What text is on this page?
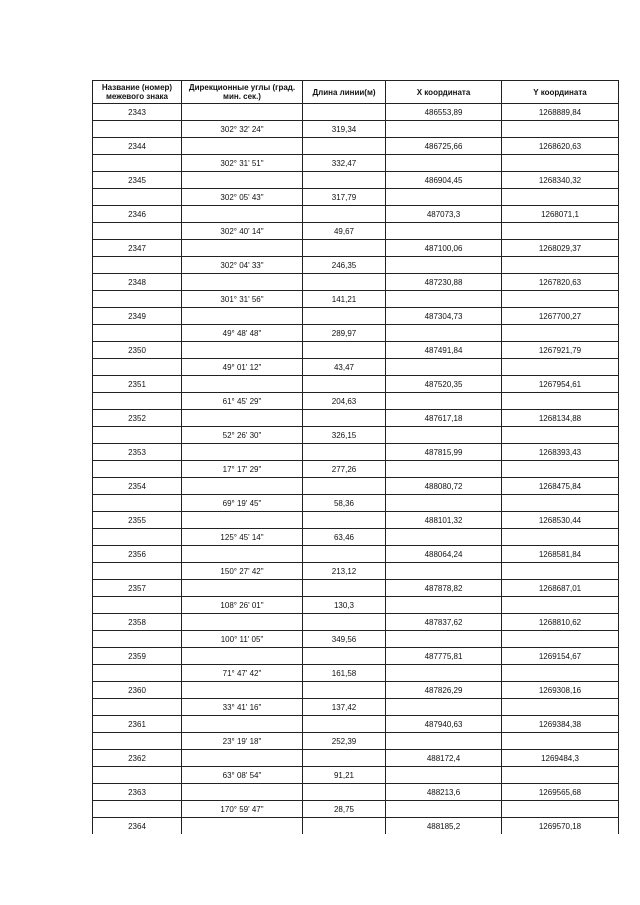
Название (номер) межевого знака	Дирекционные углы (град. мин. сек.)	Длина линии(м)	X координата	Y координата
2343			486553,89	1268889,84
	302° 32' 24"	319,34		
2344			486725,66	1268620,63
	302° 31' 51"	332,47		
2345			486904,45	1268340,32
	302° 05' 43"	317,79		
2346			487073,3	1268071,1
	302° 40' 14"	49,67		
2347			487100,06	1268029,37
	302° 04' 33"	246,35		
2348			487230,88	1267820,63
	301° 31' 56"	141,21		
2349			487304,73	1267700,27
	49° 48' 48"	289,97		
2350			487491,84	1267921,79
	49° 01' 12"	43,47		
2351			487520,35	1267954,61
	61° 45' 29"	204,63		
2352			487617,18	1268134,88
	52° 26' 30"	326,15		
2353			487815,99	1268393,43
	17° 17' 29"	277,26		
2354			488080,72	1268475,84
	69° 19' 45"	58,36		
2355			488101,32	1268530,44
	125° 45' 14"	63,46		
2356			488064,24	1268581,84
	150° 27' 42"	213,12		
2357			487878,82	1268687,01
	108° 26' 01"	130,3		
2358			487837,62	1268810,62
	100° 11' 05"	349,56		
2359			487775,81	1269154,67
	71° 47' 42"	161,58		
2360			487826,29	1269308,16
	33° 41' 16"	137,42		
2361			487940,63	1269384,38
	23° 19' 18"	252,39		
2362			488172,4	1269484,3
	63° 08' 54"	91,21		
2363			488213,6	1269565,68
	170° 59' 47"	28,75		
2364			488185,2	1269570,18
